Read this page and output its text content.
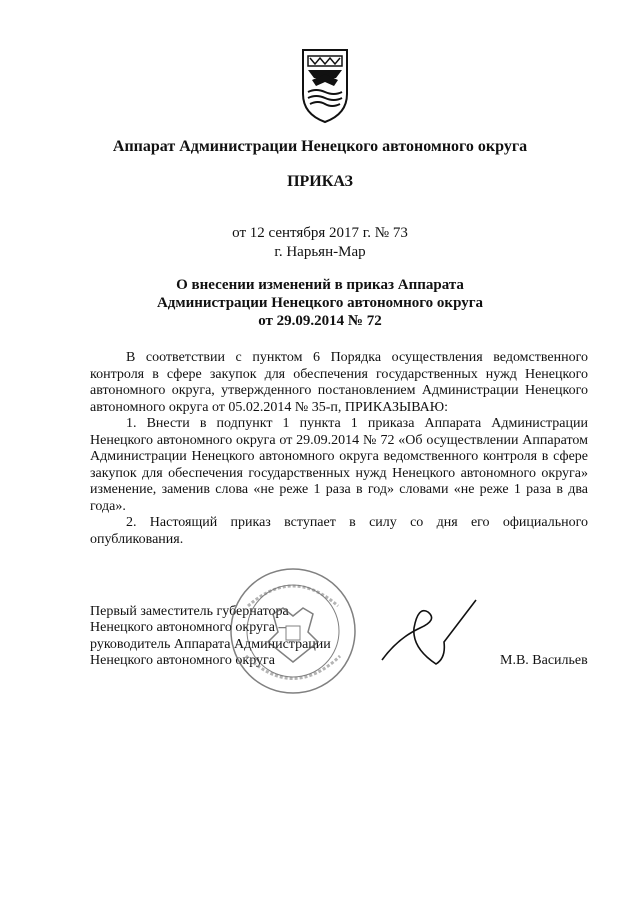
Аппарат Администрации Ненецкого автономного округа
ПРИКАЗ
от 12 сентября 2017 г. № 73
г. Нарьян-Мар
О внесении изменений в приказ Аппарата
Администрации Ненецкого автономного округа
от 29.09.2014 № 72

В соответствии с пунктом 6 Порядка осуществления ведомственного контроля в сфере закупок для обеспечения государственных нужд Ненецкого автономного округа, утвержденного постановлением Администрации Ненецкого автономного округа от 05.02.2014 № 35-п, ПРИКАЗЫВАЮ:

1. Внести в подпункт 1 пункта 1 приказа Аппарата Администрации Ненецкого автономного округа от 29.09.2014 № 72 «Об осуществлении Аппаратом Администрации Ненецкого автономного округа ведомственного контроля в сфере закупок для обеспечения государственных нужд Ненецкого автономного округа» изменение, заменив слова «не реже 1 раза в год» словами «не реже 1 раза в два года».

2. Настоящий приказ вступает в силу со дня его официального опубликования.

Первый заместитель губернатора
Ненецкого автономного округа –
руководитель Аппарата Администрации
Ненецкого автономного округа	М.В. Васильев
